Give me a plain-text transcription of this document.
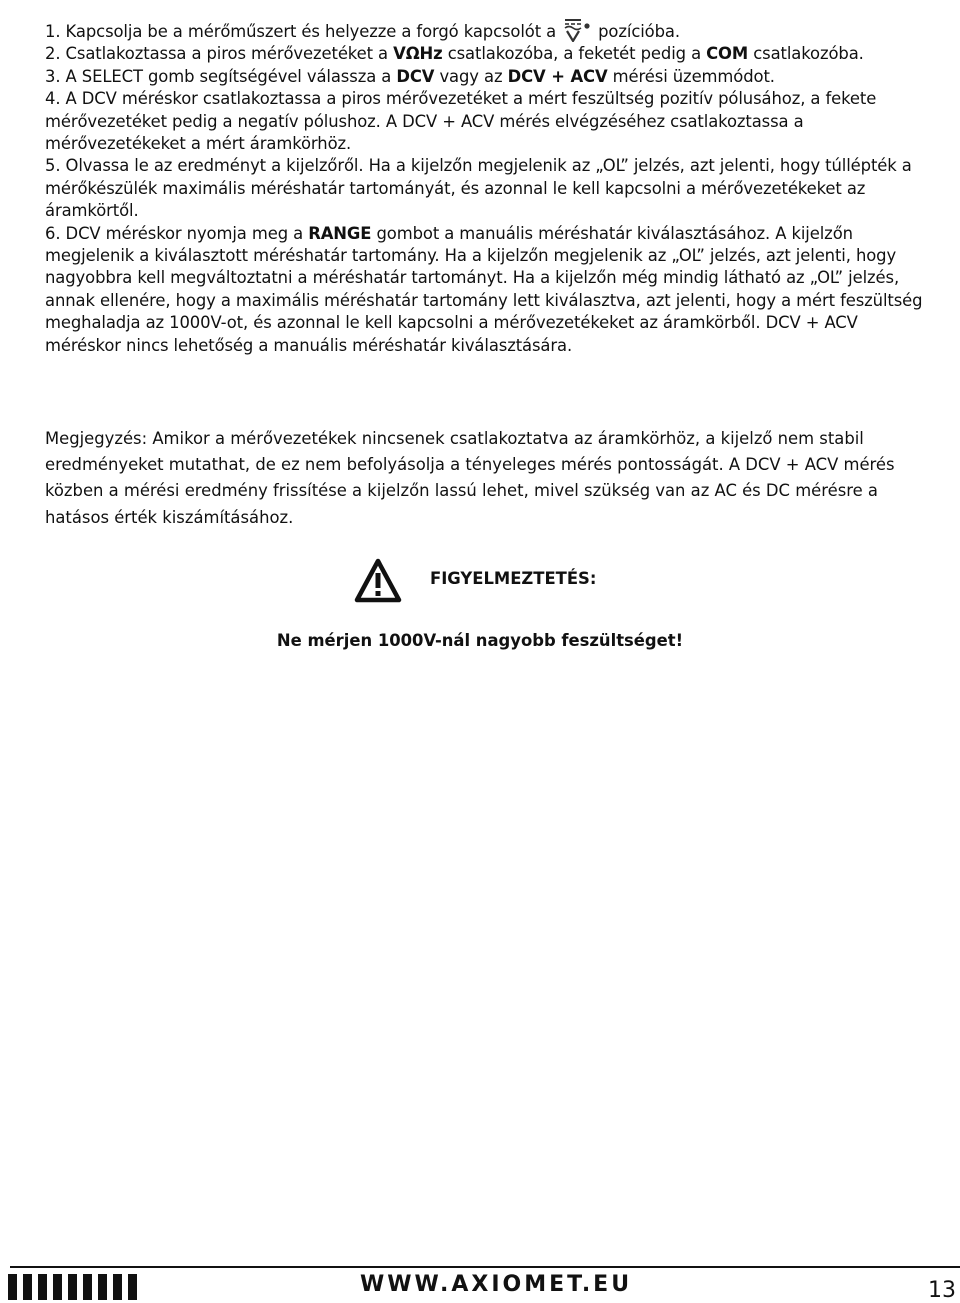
1. Kapcsolja be a mérőműszert és helyezze a forgó kapcsolót a	pozícióba.

2. Csatlakoztassa a piros mérővezetéket a VΩHz csatlakozóba, a feketét pedig a COM csatlakozóba.

3. A SELECT gomb segítségével válassza a DCV vagy az DCV + ACV mérési üzemmódot.

4. A DCV méréskor csatlakoztassa a piros mérővezetéket a mért feszültség pozitív pólusához, a fekete mérővezetéket pedig a negatív pólushoz. A DCV + ACV mérés elvégzéséhez csatlakoztassa a mérővezetékeket a mért áramkörhöz.

5. Olvassa le az eredményt a kijelzőről. Ha a kijelzőn megjelenik az „OL” jelzés, azt jelenti, hogy túllépték a mérőkészülék maximális méréshatár tartományát, és azonnal le kell kapcsolni a mérővezetékeket az áramkörtől.

6. DCV méréskor nyomja meg a RANGE gombot a manuális méréshatár kiválasztásához. A kijelzőn megjelenik a kiválasztott méréshatár tartomány. Ha a kijelzőn megjelenik az „OL” jelzés, azt jelenti, hogy nagyobbra kell megváltoztatni a méréshatár tartományt. Ha a kijelzőn még mindig látható az „OL” jelzés, annak ellenére, hogy a maximális méréshatár tartomány lett kiválasztva, azt jelenti, hogy a mért feszültség meghaladja az 1000V-ot, és azonnal le kell kapcsolni a mérővezetékeket az áramkörből. DCV + ACV méréskor nincs lehetőség a manuális méréshatár kiválasztására.

Megjegyzés: Amikor a mérővezetékek nincsenek csatlakoztatva az áramkörhöz, a kijelző nem stabil eredményeket mutathat, de ez nem befolyásolja a tényeleges mérés pontosságát. A DCV + ACV mérés közben a mérési eredmény frissítése a kijelzőn lassú lehet, mivel szükség van az AC és DC mérésre a hatásos érték kiszámításához.

FIGYELMEZTETÉS:
Ne mérjen 1000V-nál nagyobb feszültséget!
WWW.AXIOMET.EU	13
